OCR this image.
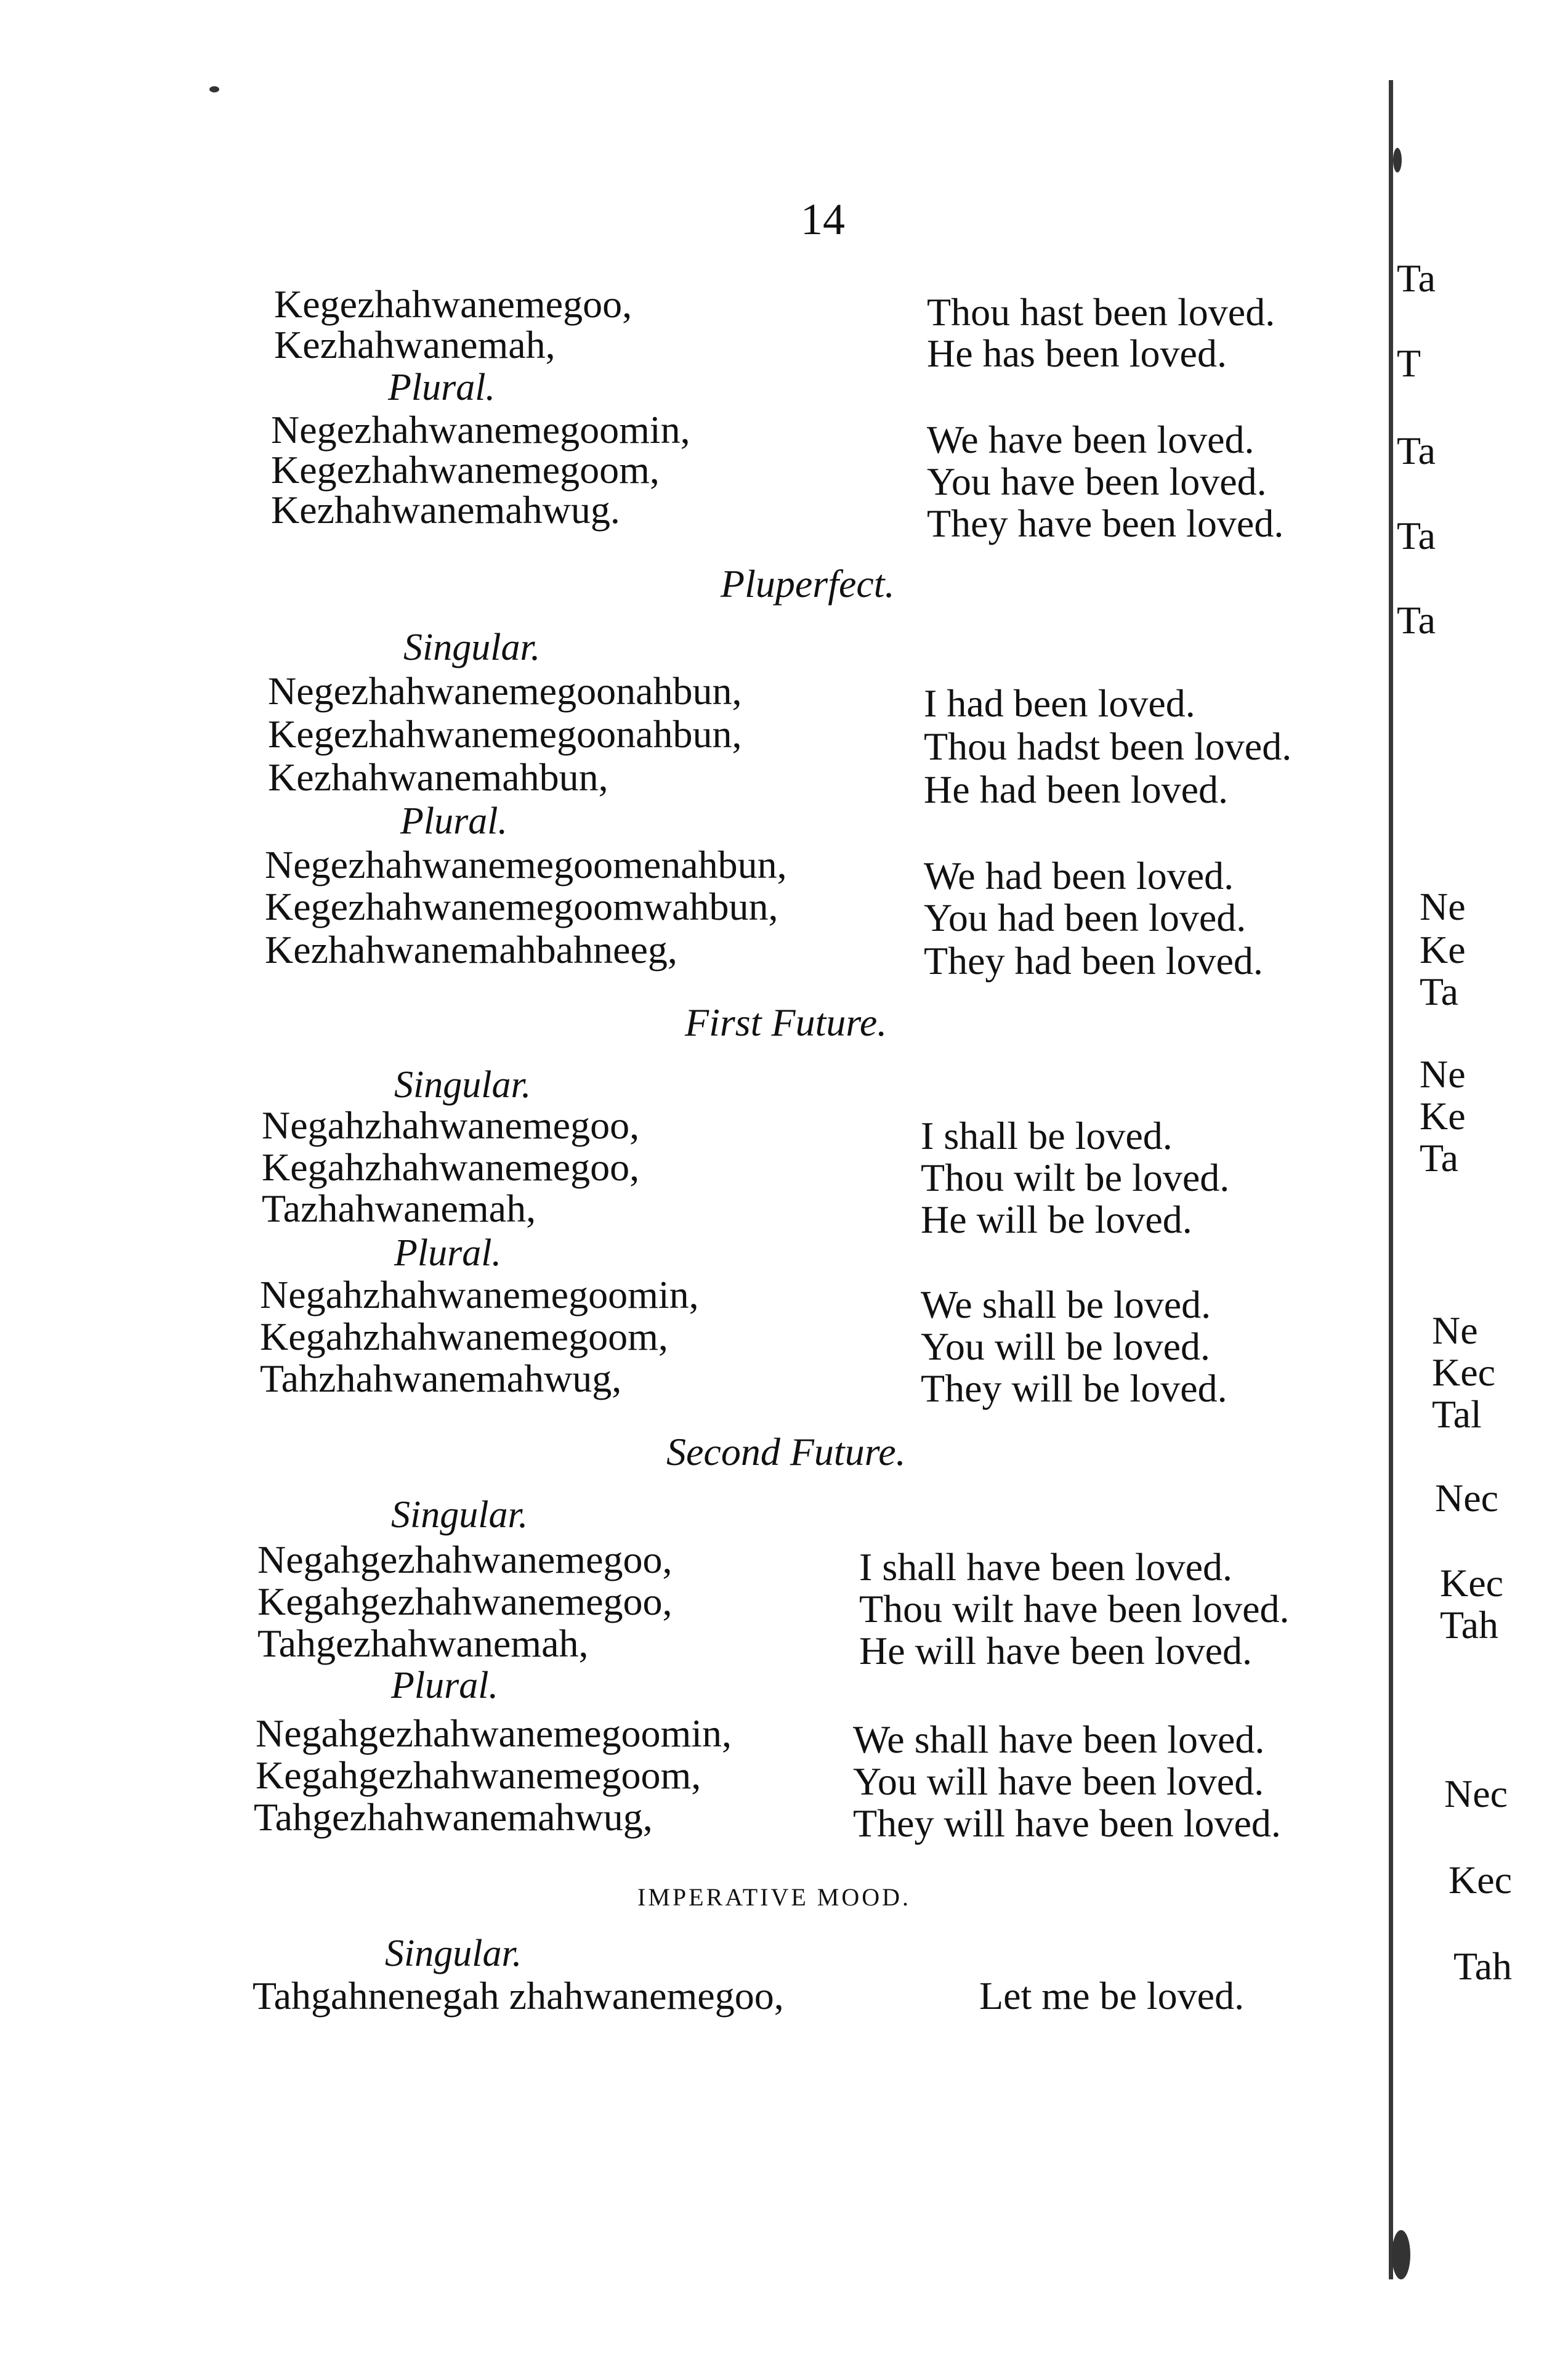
14
Kegezhahwanemegoo,	Thou hast been loved.
Kezhahwanemah,	He has been loved.
Plural.
Negezhahwanemegoomin,	We have been loved.
Kegezhahwanemegoom,	You have been loved.
Kezhahwanemahwug.	They have been loved.
Pluperfect.
Singular.
Negezhahwanemegoonahbun,	I had been loved.
Kegezhahwanemegoonahbun,	Thou hadst been loved.
Kezhahwanemahbun,	He had been loved.
Plural.
Negezhahwanemegoomenahbun,	We had been loved.
Kegezhahwanemegoomwahbun,	You had been loved.
Kezhahwanemahbahneeg,	They had been loved.
First Future.
Singular.
Negahzhahwanemegoo,	I shall be loved.
Kegahzhahwanemegoo,	Thou wilt be loved.
Tazhahwanemah,	He will be loved.
Plural.
Negahzhahwanemegoomin,	We shall be loved.
Kegahzhahwanemegoom,	You will be loved.
Tahzhahwanemahwug,	They will be loved.
Second Future.
Singular.
Negahgezhahwanemegoo,	I shall have been loved.
Kegahgezhahwanemegoo,	Thou wilt have been loved.
Tahgezhahwanemah,	He will have been loved.
Plural.
Negahgezhahwanemegoomin,	We shall have been loved.
Kegahgezhahwanemegoom,	You will have been loved.
Tahgezhahwanemahwug,	They will have been loved.
IMPERATIVE MOOD.
Singular.
Tahgahnenegah zhahwanemegoo,	Let me be loved.
Ta
T
Ta
Ta
Ta
Ne
Ke
Ta
Ne
Ke
Ta
Ne
Kec
Tal
Nec
Kec
Tah
Nec
Kec
Tah
